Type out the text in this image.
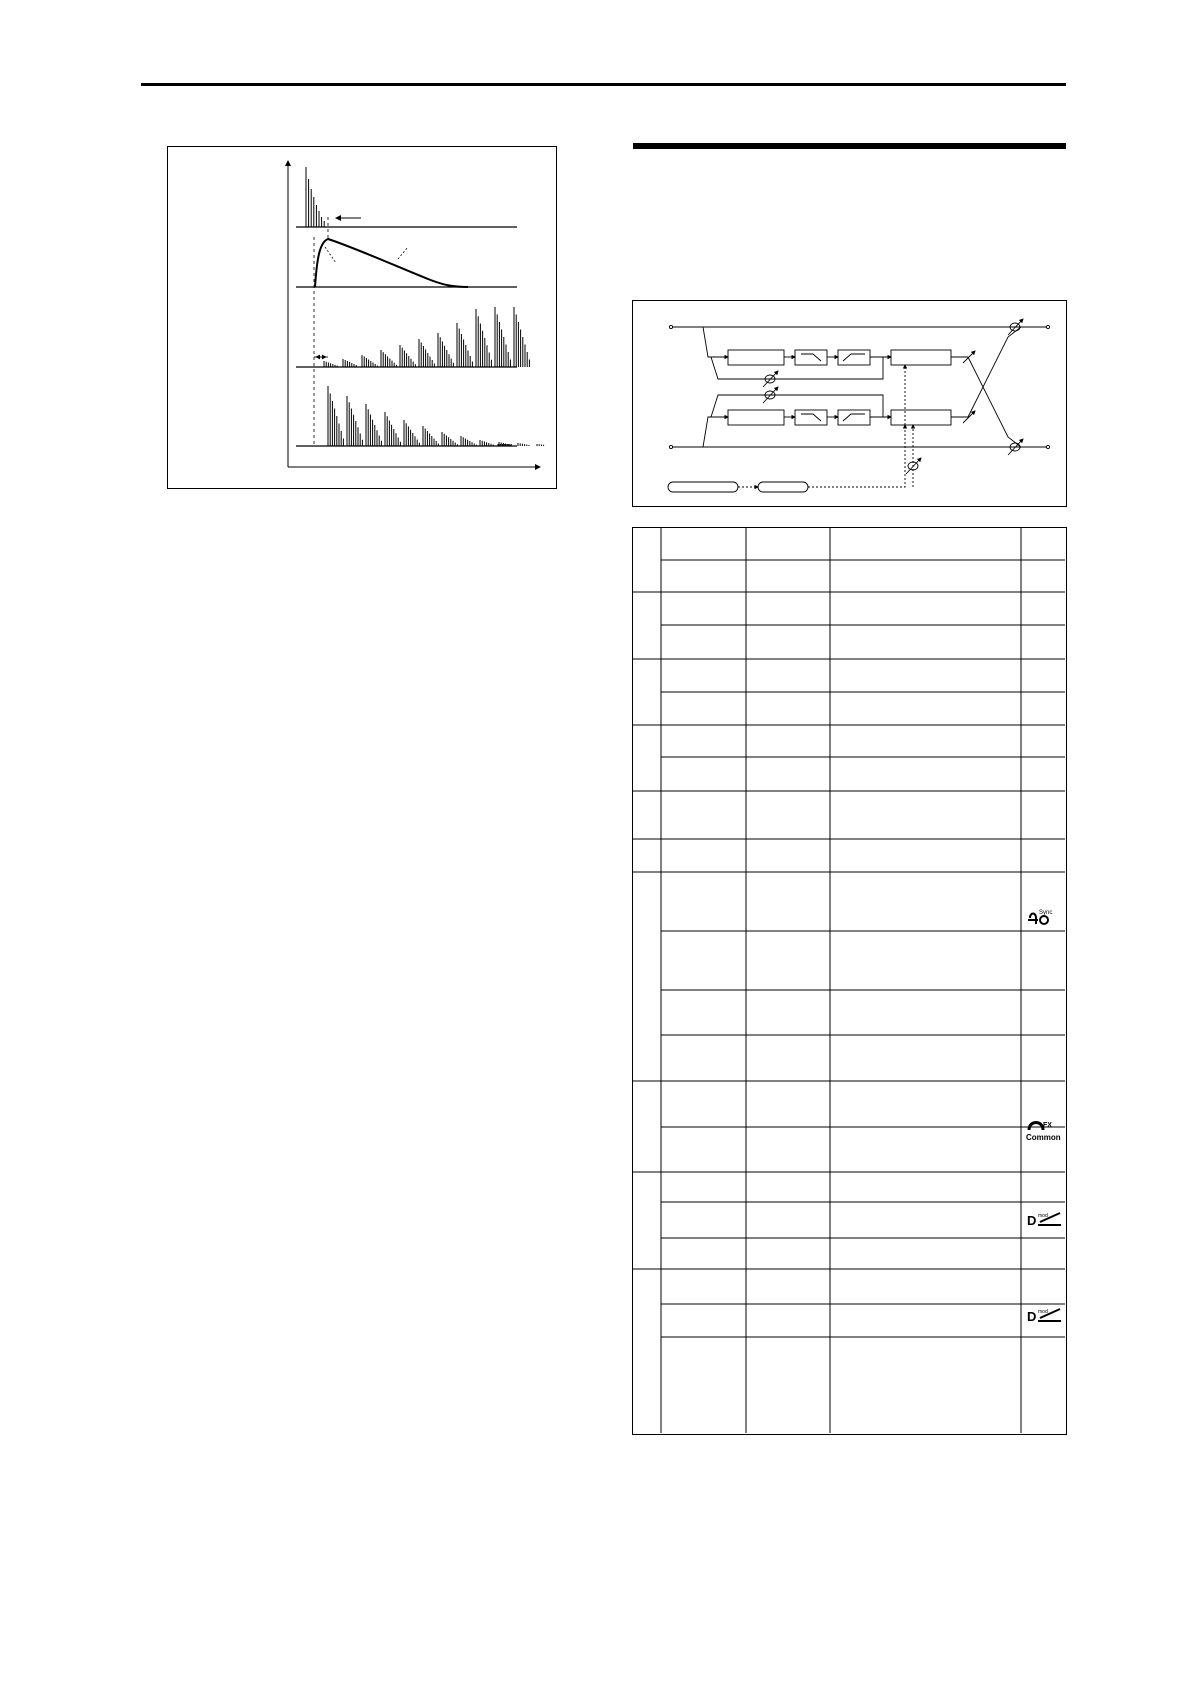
Sync
FX
Common
D mod
D mod
